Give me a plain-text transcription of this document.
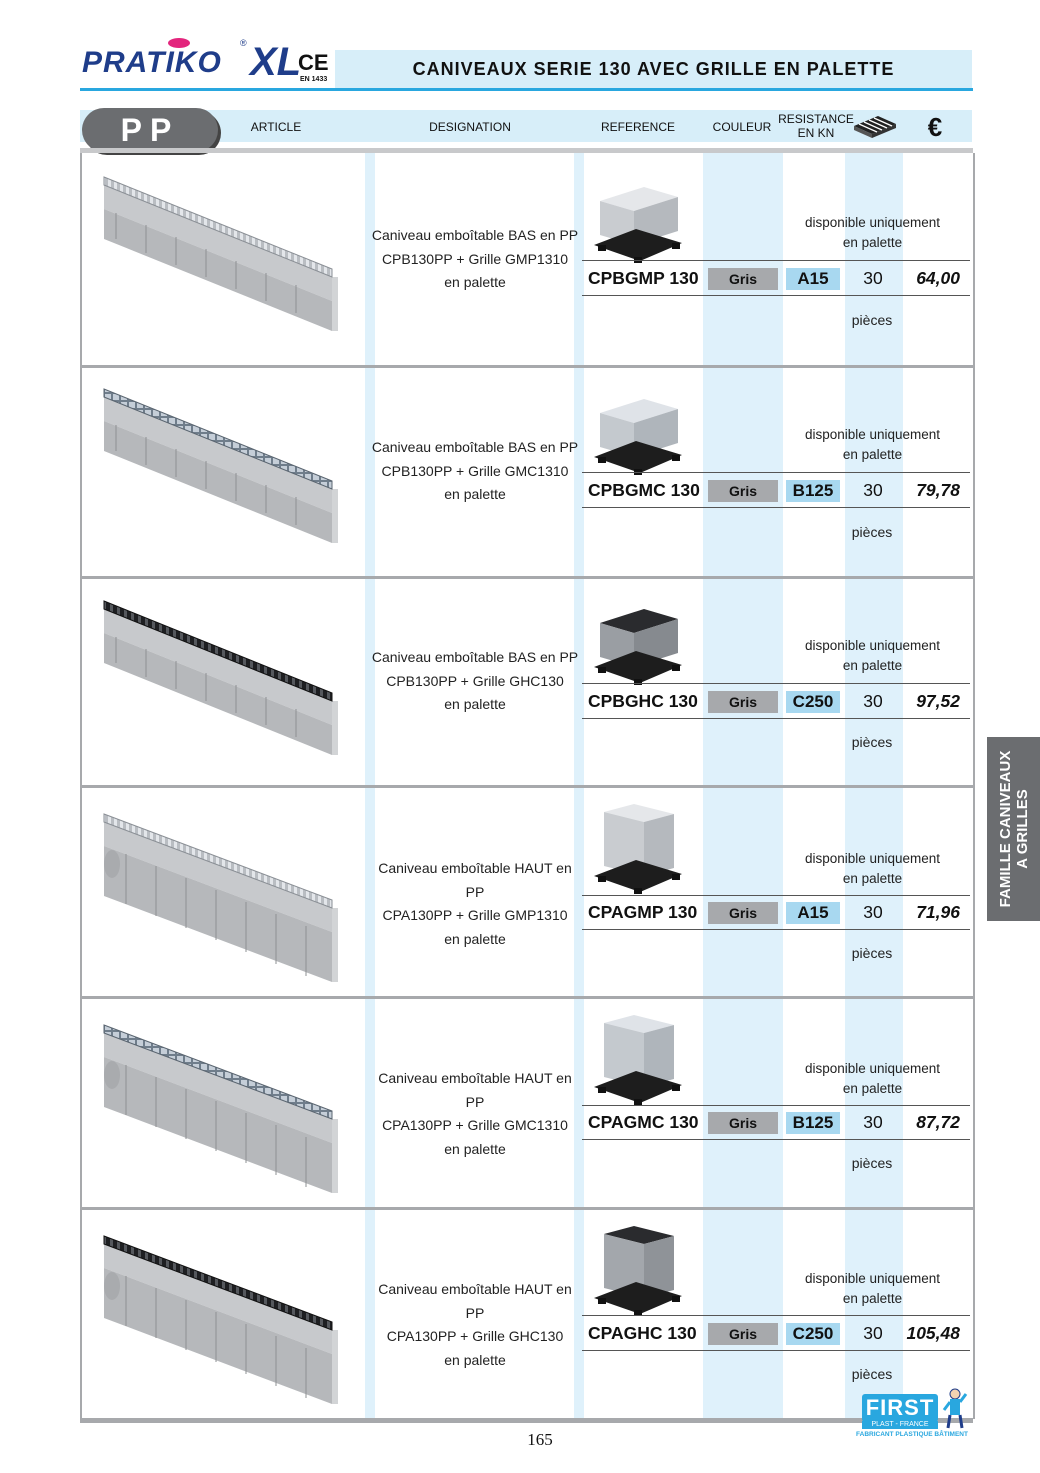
PRATIKO
® XL
CE
EN 1433
CANIVEAUX SERIE 130 AVEC GRILLE EN PALETTE
PP	ARTICLE	DESIGNATION	REFERENCE	COULEUR
RESISTANCE
EN KN	€
Caniveau emboîtable BAS en PP
CPB130PP + Grille GMP1310
en palette
disponible uniquement
en palette
CPBGMP 130	Gris	A15	30	64,00
pièces
Caniveau emboîtable BAS en PP
CPB130PP + Grille GMC1310
en palette
disponible uniquement
en palette
CPBGMC 130	Gris	B125	30	79,78
pièces
Caniveau emboîtable BAS en PP
CPB130PP + Grille GHC130
en palette
disponible uniquement
en palette
CPBGHC 130	Gris	C250	30	97,52
pièces
Caniveau emboîtable HAUT en PP
CPA130PP + Grille GMP1310
en palette
disponible uniquement
en palette
CPAGMP 130	Gris	A15	30	71,96
pièces
Caniveau emboîtable HAUT en PP
CPA130PP + Grille GMC1310
en palette
disponible uniquement
en palette
CPAGMC 130	Gris	B125	30	87,72
pièces
Caniveau emboîtable HAUT en PP
CPA130PP + Grille GHC130
en palette
disponible uniquement
en palette
CPAGHC 130	Gris	C250	30	105,48
pièces
FAMILLE CANIVEAUX A GRILLES
165
FIRST
PLAST - FRANCE
FABRICANT PLASTIQUE BÂTIMENT
